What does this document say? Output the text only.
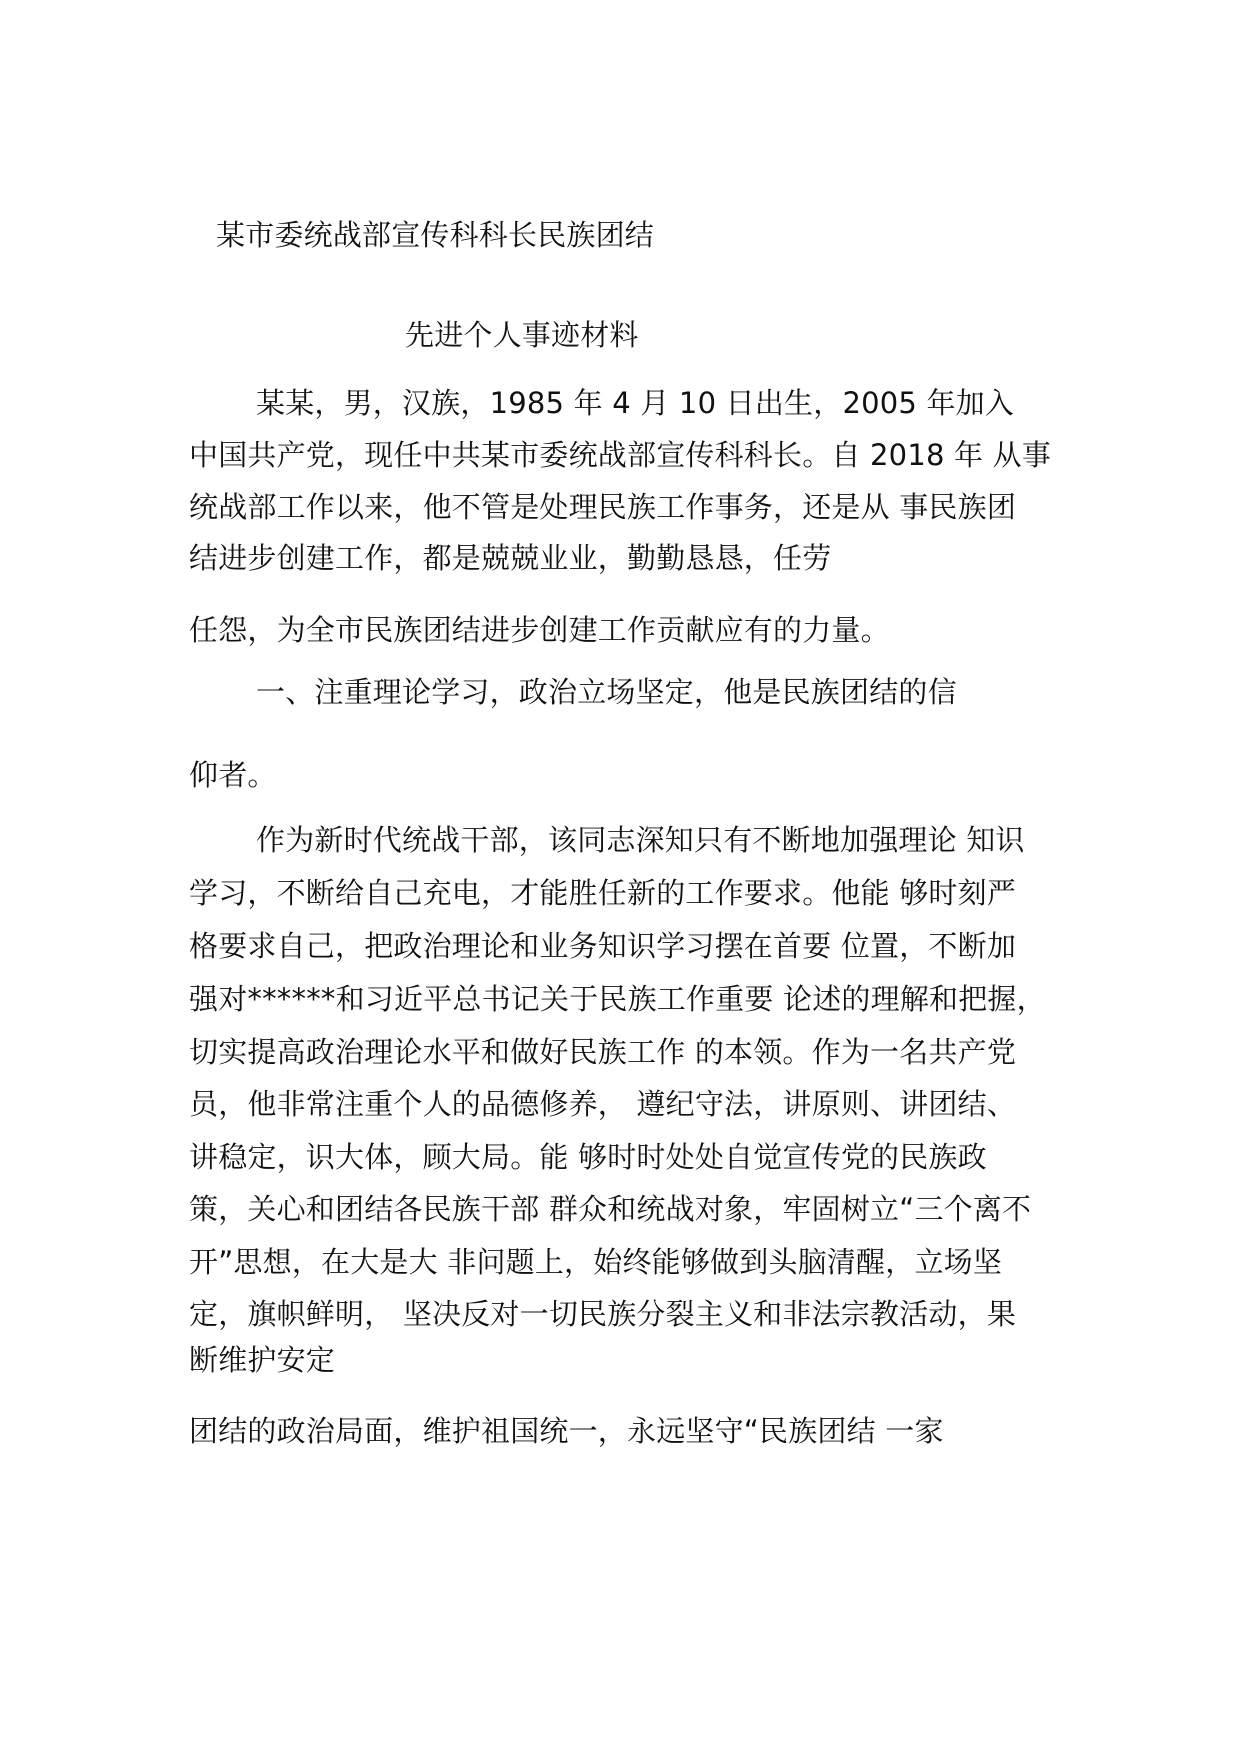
某市委统战部宣传科科长民族团结
先进个人事迹材料
某某，男，汉族，1985 年 4 月 10 日出生，2005 年加入
中国共产党，现任中共某市委统战部宣传科科长。自 2018 年 从事
统战部工作以来，他不管是处理民族工作事务，还是从 事民族团
结进步创建工作，都是兢兢业业，勤勤恳恳，任劳
任怨，为全市民族团结进步创建工作贡献应有的力量。
一、注重理论学习，政治立场坚定，他是民族团结的信
仰者。
作为新时代统战干部，该同志深知只有不断地加强理论 知识
学习，不断给自己充电，才能胜任新的工作要求。他能 够时刻严
格要求自己，把政治理论和业务知识学习摆在首要 位置，不断加
强对******和习近平总书记关于民族工作重要 论述的理解和把握，
切实提高政治理论水平和做好民族工作 的本领。作为一名共产党
员，他非常注重个人的品德修养， 遵纪守法，讲原则、讲团结、
讲稳定，识大体，顾大局。能 够时时处处自觉宣传党的民族政
策，关心和团结各民族干部 群众和统战对象，牢固树立“三个离不
开”思想，在大是大 非问题上，始终能够做到头脑清醒，立场坚
定，旗帜鲜明， 坚决反对一切民族分裂主义和非法宗教活动，果
断维护安定
团结的政治局面，维护祖国统一，永远坚守“民族团结 一家
